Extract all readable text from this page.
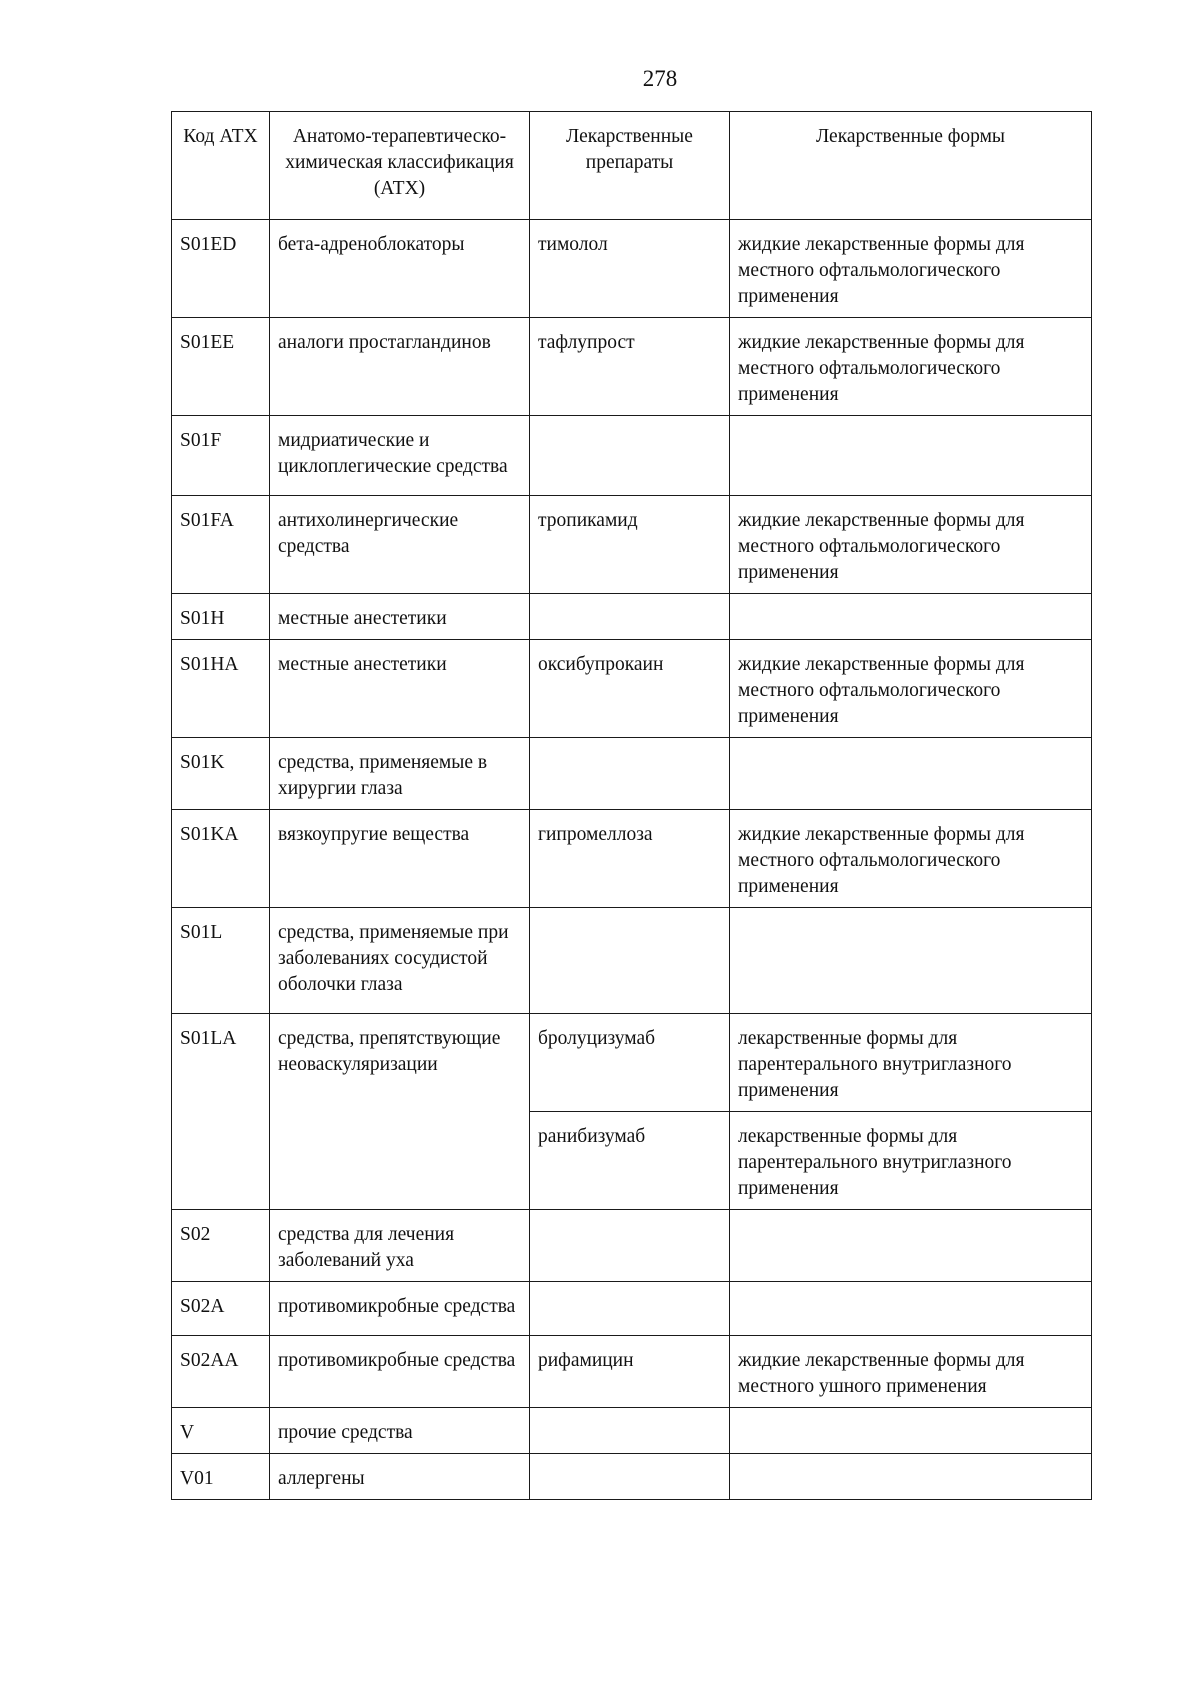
278
Код АТХ	Анатомо-терапевтическо-химическая классификация (АТХ)	Лекарственные препараты	Лекарственные формы
S01ED	бета-адреноблокаторы	тимолол	жидкие лекарственные формы для местного офтальмологического применения
S01EE	аналоги простагландинов	тафлупрост	жидкие лекарственные формы для местного офтальмологического применения
S01F	мидриатические и циклоплегические средства		
S01FA	антихолинергические средства	тропикамид	жидкие лекарственные формы для местного офтальмологического применения
S01H	местные анестетики		
S01HA	местные анестетики	оксибупрокаин	жидкие лекарственные формы для местного офтальмологического применения
S01K	средства, применяемые в хирургии глаза		
S01KA	вязкоупругие вещества	гипромеллоза	жидкие лекарственные формы для местного офтальмологического применения
S01L	средства, применяемые при заболеваниях сосудистой оболочки глаза		
S01LA	средства, препятствующие неоваскуляризации	бролуцизумаб	лекарственные формы для парентерального внутриглазного применения
		ранибизумаб	лекарственные формы для парентерального внутриглазного применения
S02	средства для лечения заболеваний уха		
S02A	противомикробные средства		
S02AA	противомикробные средства	рифамицин	жидкие лекарственные формы для местного ушного применения
V	прочие средства		
V01	аллергены		
